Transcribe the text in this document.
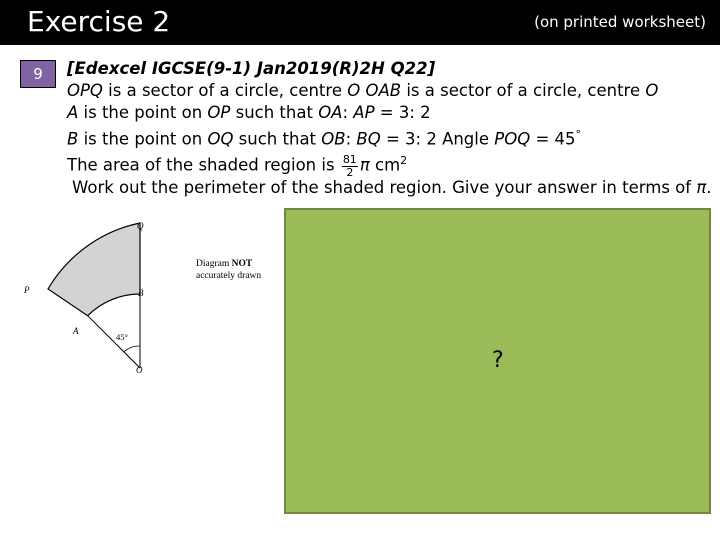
Exercise 2	(on printed worksheet)
9	[Edexcel IGCSE(9-1) Jan2019(R)2H Q22]
OPQ is a sector of a circle, centre O OAB is a sector of a circle, centre O
A is the point on OP such that OA: AP = 3: 2
B is the point on OQ such that OB: BQ = 3: 2 Angle POQ = 45°
The area of the shaded region is $\frac{81}{2}$ π $cm^2$
Work out the perimeter of the shaded region. Give your answer in terms of π.
Q
P	B
A
O
45°
Diagram NOT
accurately drawn
?
